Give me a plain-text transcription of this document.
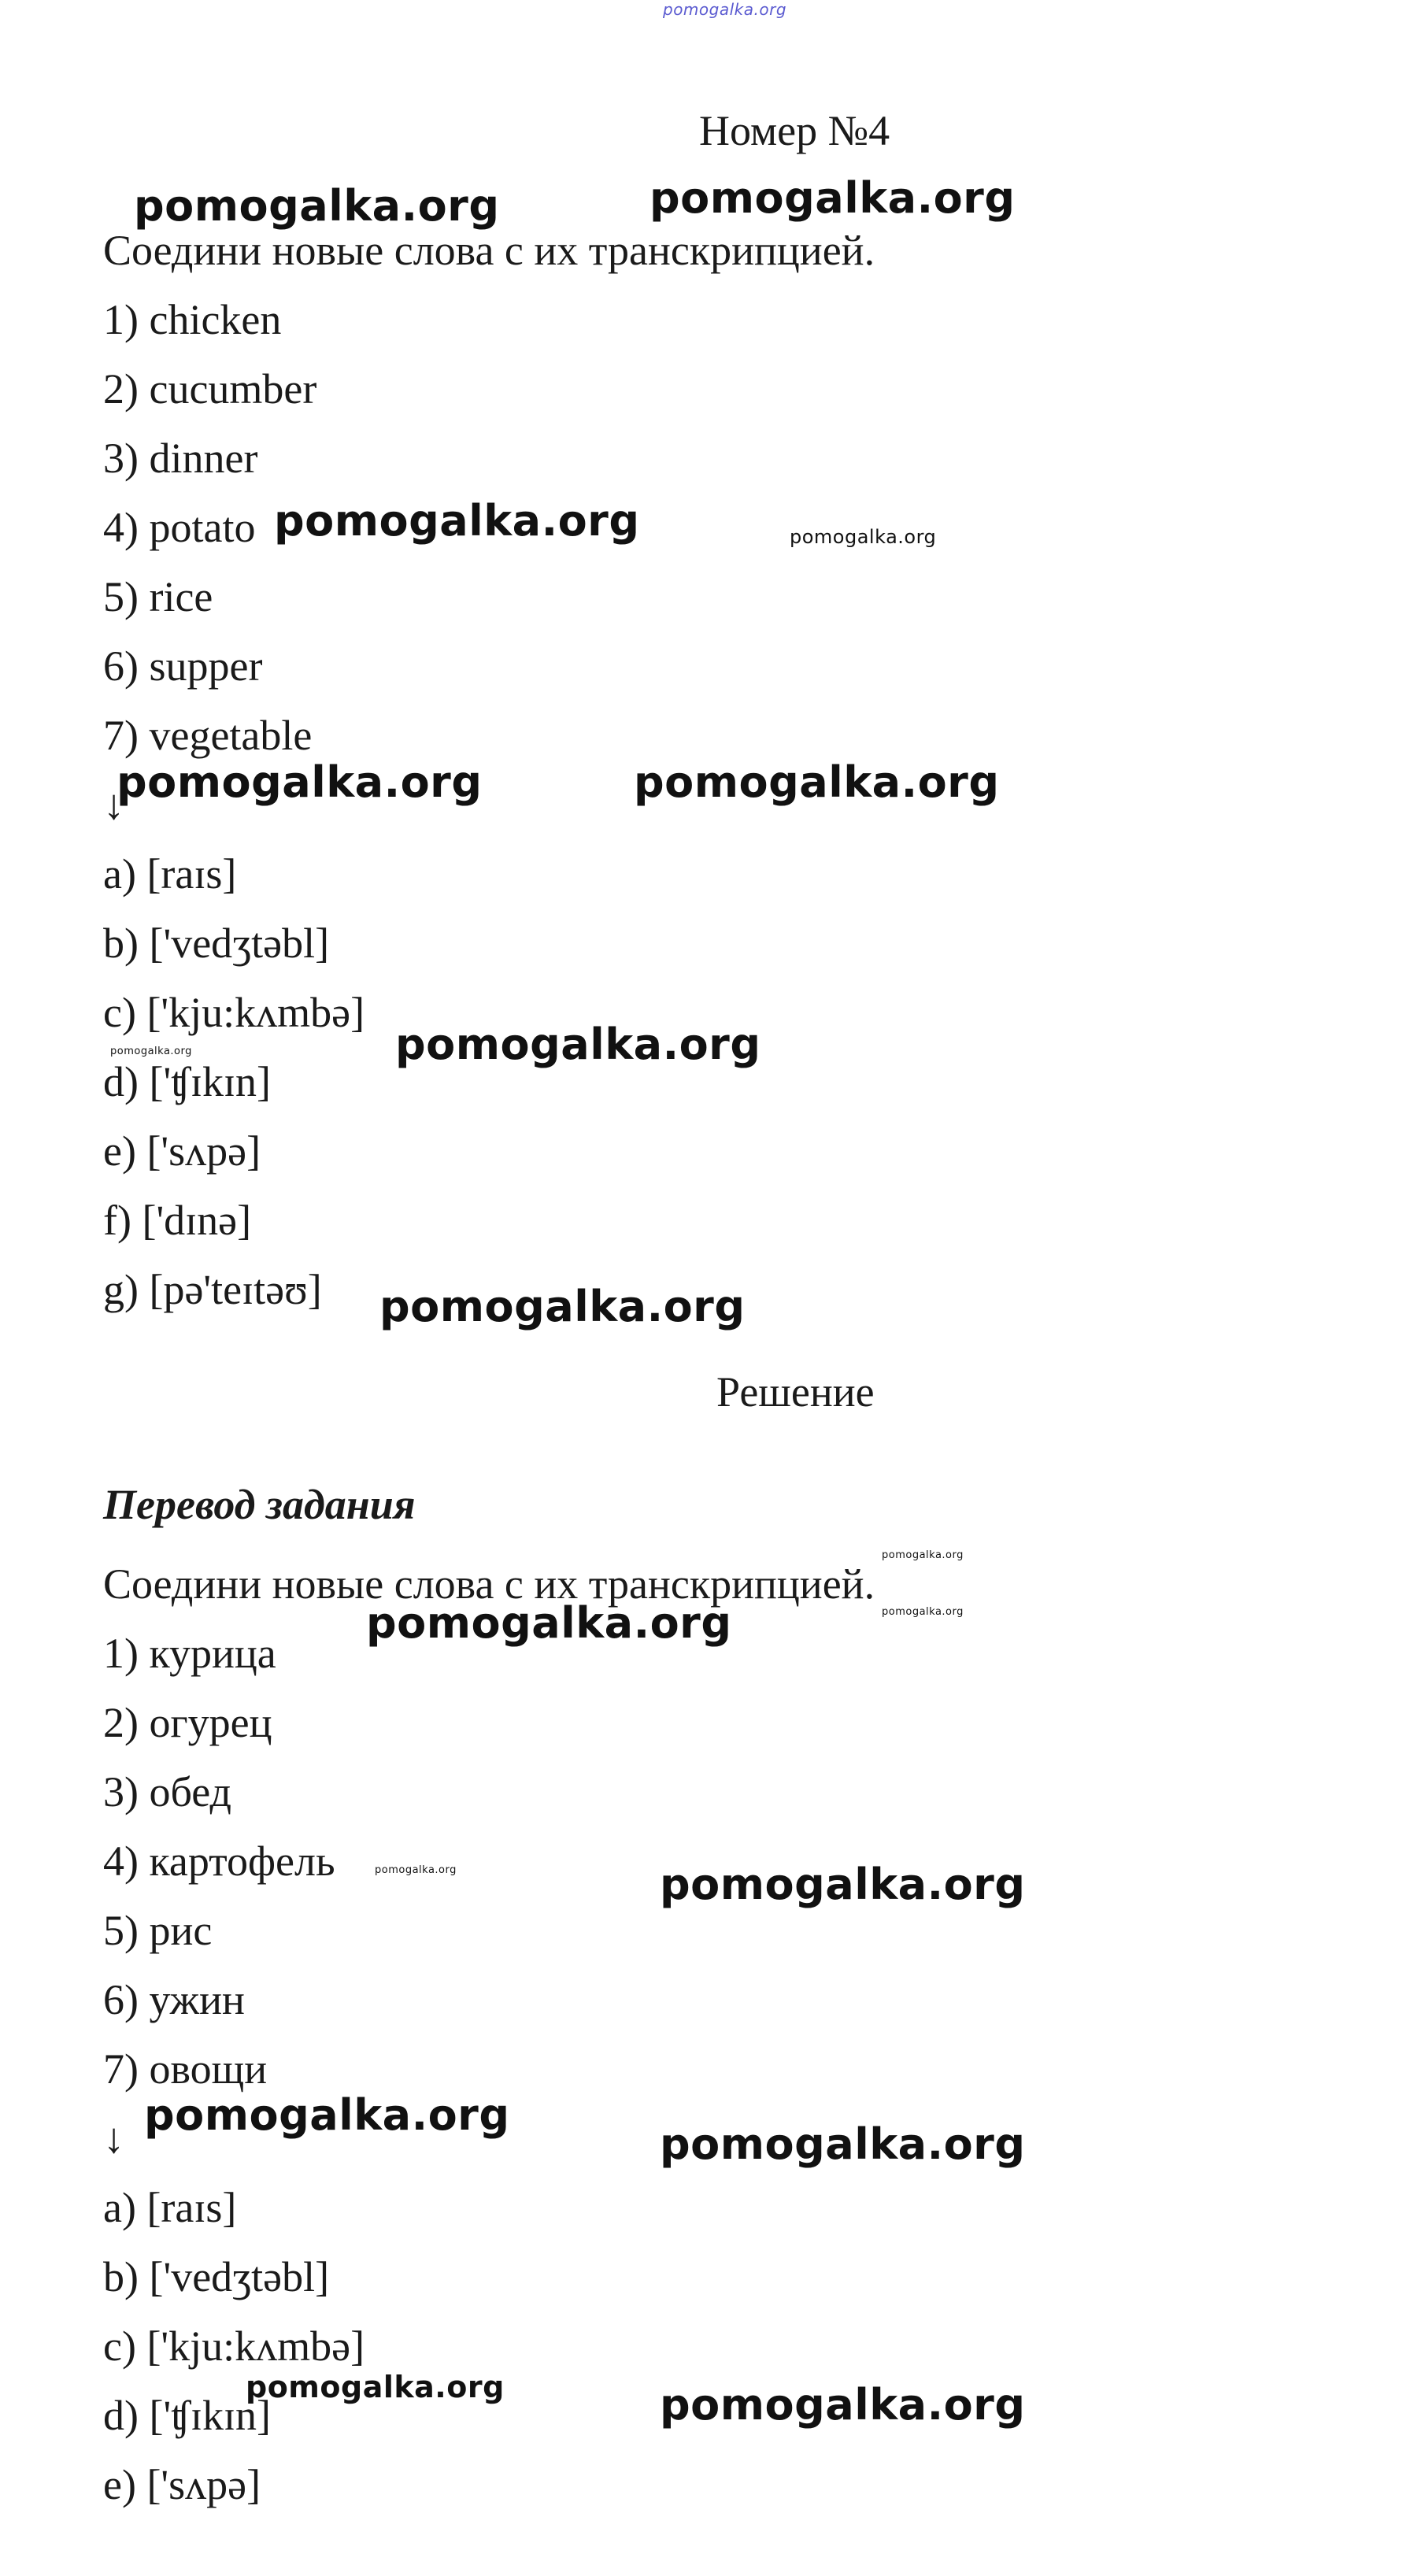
pomogalka.org
Номер №4
Соедини новые слова с их транскрипцией.
1) chicken
2) cucumber
3) dinner
4) potato
5) rice
6) supper
7) vegetable
↓
a) [raɪs]
b) ['vedʒtəbl]
c) ['kju:kʌmbə]
d) ['ʧɪkɪn]
e) ['sʌpə]
f) ['dɪnə]
g) [pə'teɪtəʊ]
Решение
Перевод задания
Соедини новые слова с их транскрипцией.
1) курица
2) огурец
3) обед
4) картофель
5) рис
6) ужин
7) овощи
↓
a) [raɪs]
b) ['vedʒtəbl]
c) ['kju:kʌmbə]
d) ['ʧɪkɪn]
e) ['sʌpə]
pomogalka.org	pomogalka.org
pomogalka.org	pomogalka.org
pomogalka.org	pomogalka.org
pomogalka.org	pomogalka.org
pomogalka.org
pomogalka.org
pomogalka.org	pomogalka.org
pomogalka.org	pomogalka.org
pomogalka.org
pomogalka.org
pomogalka.org	pomogalka.org
